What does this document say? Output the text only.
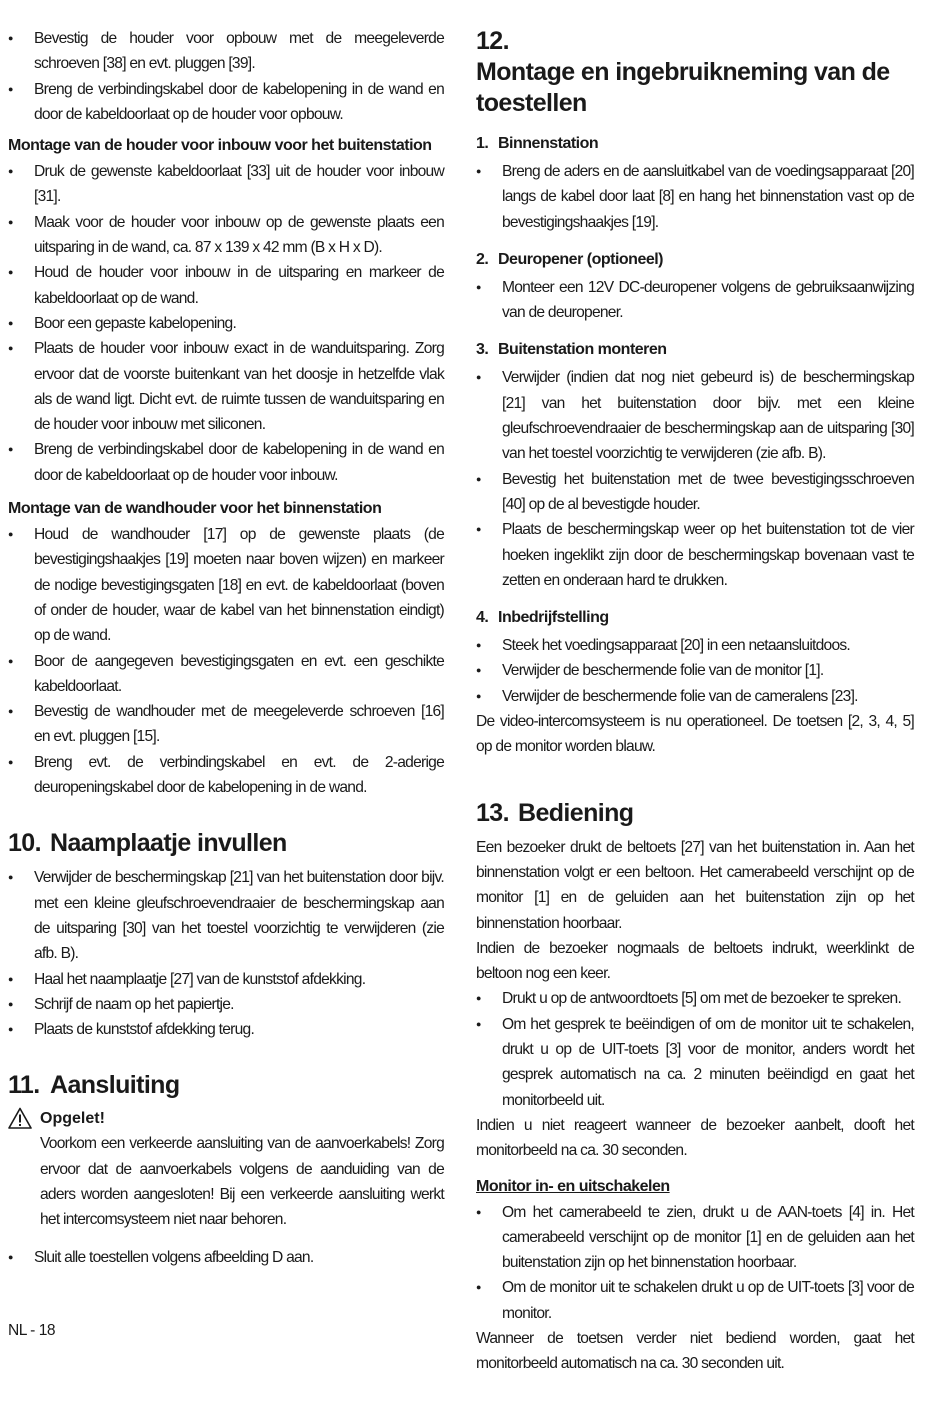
● Bevestig de houder voor opbouw met de meegeleverde schroeven [38] en evt. pluggen [39].
● Breng de verbindingskabel door de kabelopening in de wand en door de kabeldoorlaat op de houder voor opbouw.
Montage van de houder voor inbouw voor het buitenstation
● Druk de gewenste kabeldoorlaat [33] uit de houder voor inbouw [31].
● Maak voor de houder voor inbouw op de gewenste plaats een uitsparing in de wand, ca. 87 x 139 x 42 mm (B x H x D).
● Houd de houder voor inbouw in de uitsparing en markeer de kabeldoorlaat op de wand.
● Boor een gepaste kabelopening.
● Plaats de houder voor inbouw exact in de wanduitsparing. Zorg ervoor dat de voorste buitenkant van het doosje in hetzelfde vlak als de wand ligt. Dicht evt. de ruimte tussen de wanduitsparing en de houder voor inbouw met siliconen.
● Breng de verbindingskabel door de kabelopening in de wand en door de kabeldoorlaat op de houder voor inbouw.
Montage van de wandhouder voor het binnenstation
● Houd de wandhouder [17] op de gewenste plaats (de bevestigingshaakjes [19] moeten naar boven wijzen) en markeer de nodige bevestigingsgaten [18] en evt. de kabeldoorlaat (boven of onder de houder, waar de kabel van het binnenstation eindigt) op de wand.
● Boor de aangegeven bevestigingsgaten en evt. een geschikte kabeldoorlaat.
● Bevestig de wandhouder met de meegeleverde schroeven [16] en evt. pluggen [15].
● Breng evt. de verbindingskabel en evt. de 2-aderige deuropeningskabel door de kabelopening in de wand.
10. Naamplaatje invullen
● Verwijder de beschermingskap [21] van het buitenstation door bijv. met een kleine gleufschroevendraaier de beschermingskap aan de uitsparing [30] van het toestel voorzichtig te verwijderen (zie afb. B).
● Haal het naamplaatje [27] van de kunststof afdekking.
● Schrijf de naam op het papiertje.
● Plaats de kunststof afdekking terug.
11. Aansluiting
Opgelet!

Voorkom een verkeerde aansluiting van de aanvoerkabels! Zorg ervoor dat de aanvoerkabels volgens de aanduiding van de aders worden aangesloten! Bij een verkeerde aansluiting werkt het intercomsysteem niet naar behoren.

● Sluit alle toestellen volgens afbeelding D aan.
12.Montage en ingebruikneming van de
toestellen
1. Binnenstation
● Breng de aders en de aansluitkabel van de voedingsapparaat [20] langs de kabel door laat [8] en hang het binnenstation vast op de bevestigingshaakjes [19].
2. Deuropener (optioneel)
● Monteer een 12V DC-deuropener volgens de gebruiksaanwijzing van de deuropener.
3. Buitenstation monteren
● Verwijder (indien dat nog niet gebeurd is) de beschermingskap [21] van het buitenstation door bijv. met een kleine gleufschroevendraaier de beschermingskap aan de uitsparing [30] van het toestel voorzichtig te verwijderen (zie afb. B).
● Bevestig het buitenstation met de twee bevestigingsschroeven [40] op de al bevestigde houder.
● Plaats de beschermingskap weer op het buitenstation tot de vier hoeken ingeklikt zijn door de beschermingskap bovenaan vast te zetten en onderaan hard te drukken.
4. Inbedrijfstelling
● Steek het voedingsapparaat [20] in een netaansluitdoos.
● Verwijder de beschermende folie van de monitor [1].
● Verwijder de beschermende folie van de cameralens [23].

De video-intercomsysteem is nu operationeel. De toetsen [2, 3, 4, 5] op de monitor worden blauw.

13. Bediening

Een bezoeker drukt de beltoets [27] van het buitenstation in. Aan het binnenstation volgt er een beltoon. Het camerabeeld verschijnt op de monitor [1] en de geluiden aan het buitenstation zijn op het binnenstation hoorbaar.

Indien de bezoeker nogmaals de beltoets indrukt, weerklinkt de beltoon nog een keer.

● Drukt u op de antwoordtoets [5] om met de bezoeker te spreken.
● Om het gesprek te beëindigen of om de monitor uit te schakelen, drukt u op de UIT-toets [3] voor de monitor, anders wordt het gesprek automatisch na ca. 2 minuten beëindigd en gaat het monitorbeeld uit.

Indien u niet reageert wanneer de bezoeker aanbelt, dooft het monitorbeeld na ca. 30 seconden.

Monitor in- en uitschakelen
● Om het camerabeeld te zien, drukt u de AAN-toets [4] in. Het camerabeeld verschijnt op de monitor [1] en de geluiden aan het buitenstation zijn op het binnenstation hoorbaar.
● Om de monitor uit te schakelen drukt u op de UIT-toets [3] voor de monitor.

Wanneer de toetsen verder niet bediend worden, gaat het monitorbeeld automatisch na ca. 30 seconden uit.

NL - 18
